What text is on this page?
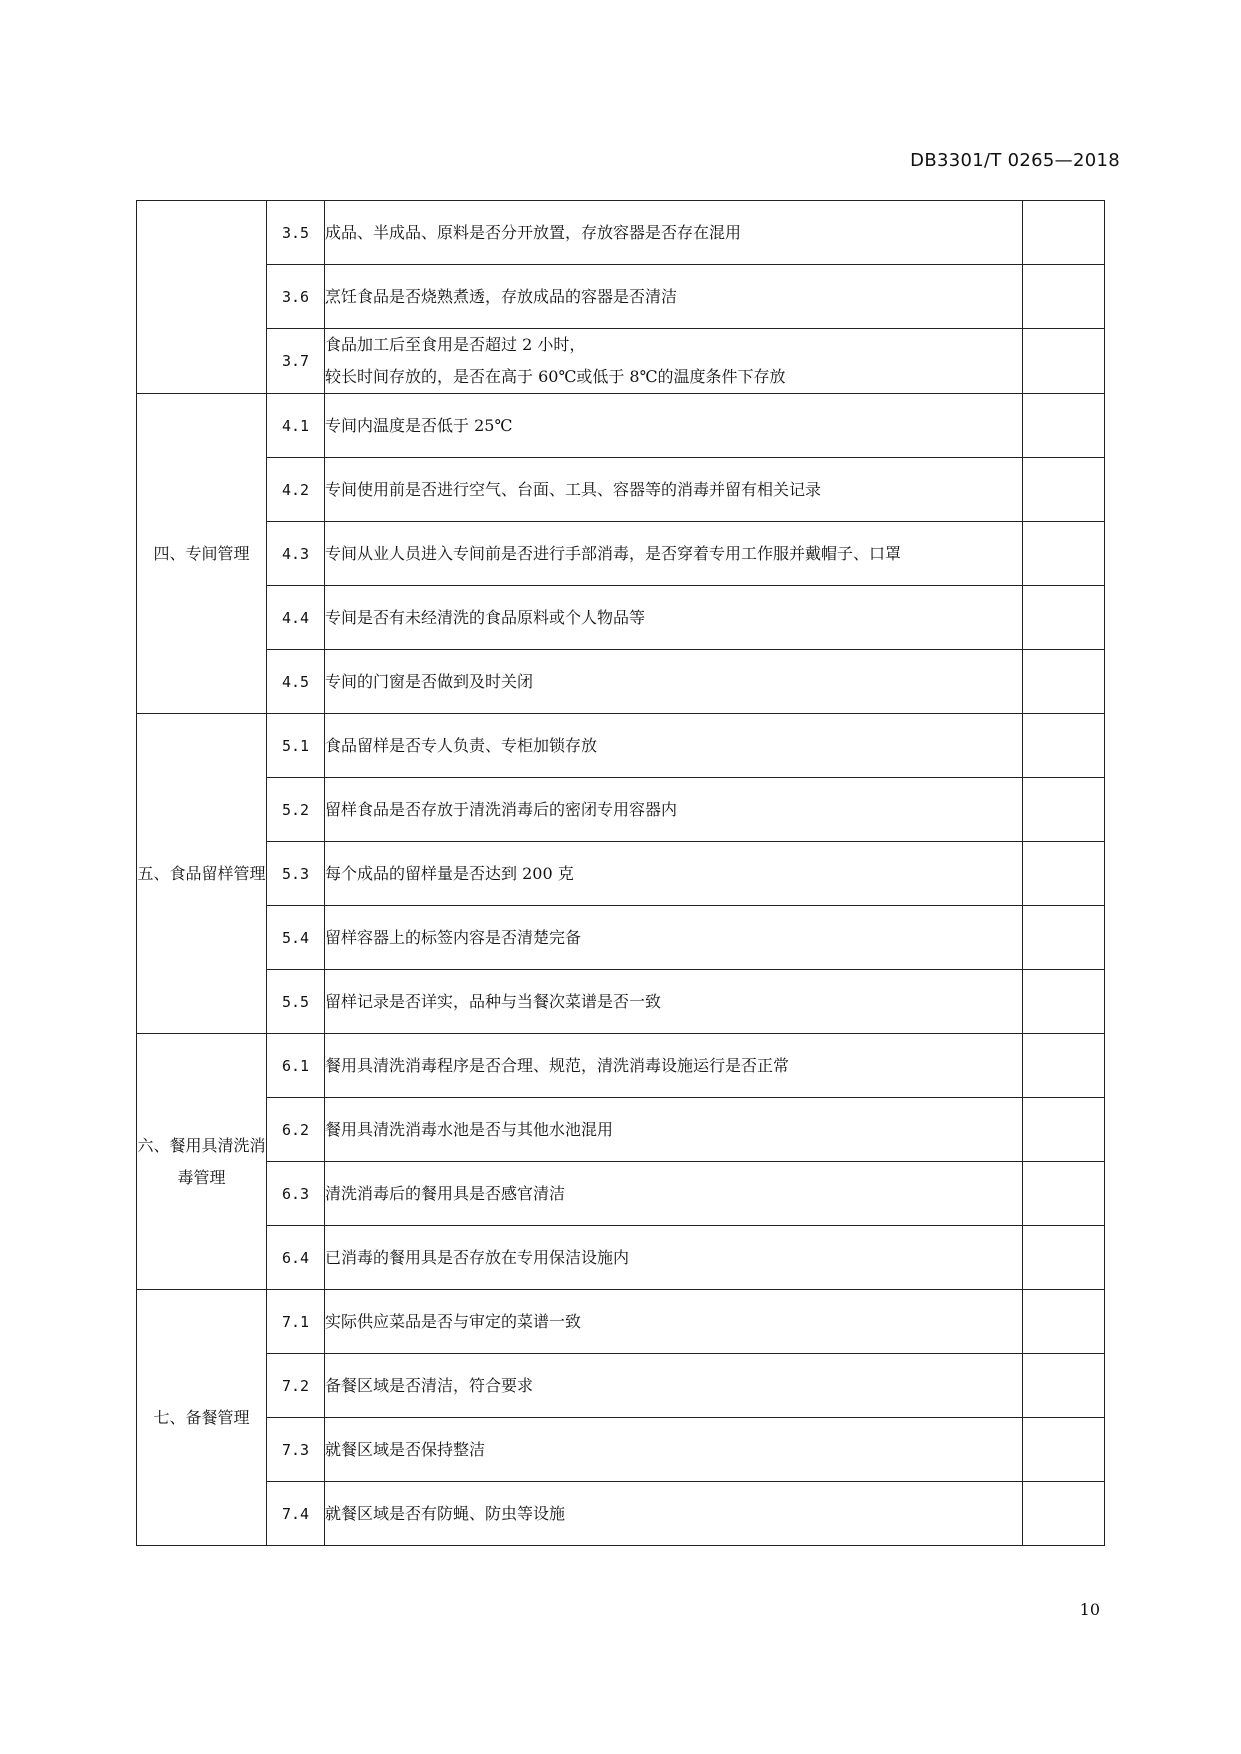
DB3301/T 0265—2018
	3.5	成品、半成品、原料是否分开放置，存放容器是否存在混用	

	3.6	烹饪食品是否烧熟煮透，存放成品的容器是否清洁	

	3.7	食品加工后至食用是否超过 2 小时，
较长时间存放的，是否在高于 60℃或低于 8℃的温度条件下存放	

四、专间管理	4.1	专间内温度是否低于 25℃	

	4.2	专间使用前是否进行空气、台面、工具、容器等的消毒并留有相关记录	

	4.3	专间从业人员进入专间前是否进行手部消毒，是否穿着专用工作服并戴帽子、口罩	

	4.4	专间是否有未经清洗的食品原料或个人物品等	

	4.5	专间的门窗是否做到及时关闭	

五、食品留样管理	5.1	食品留样是否专人负责、专柜加锁存放	

	5.2	留样食品是否存放于清洗消毒后的密闭专用容器内	

	5.3	每个成品的留样量是否达到 200 克	

	5.4	留样容器上的标签内容是否清楚完备	

	5.5	留样记录是否详实，品种与当餐次菜谱是否一致	

六、餐用具清洗消毒管理	6.1	餐用具清洗消毒程序是否合理、规范，清洗消毒设施运行是否正常	

	6.2	餐用具清洗消毒水池是否与其他水池混用	

	6.3	清洗消毒后的餐用具是否感官清洁	

	6.4	已消毒的餐用具是否存放在专用保洁设施内	

七、备餐管理	7.1	实际供应菜品是否与审定的菜谱一致	

	7.2	备餐区域是否清洁，符合要求	

	7.3	就餐区域是否保持整洁	

	7.4	就餐区域是否有防蝇、防虫等设施	

10
